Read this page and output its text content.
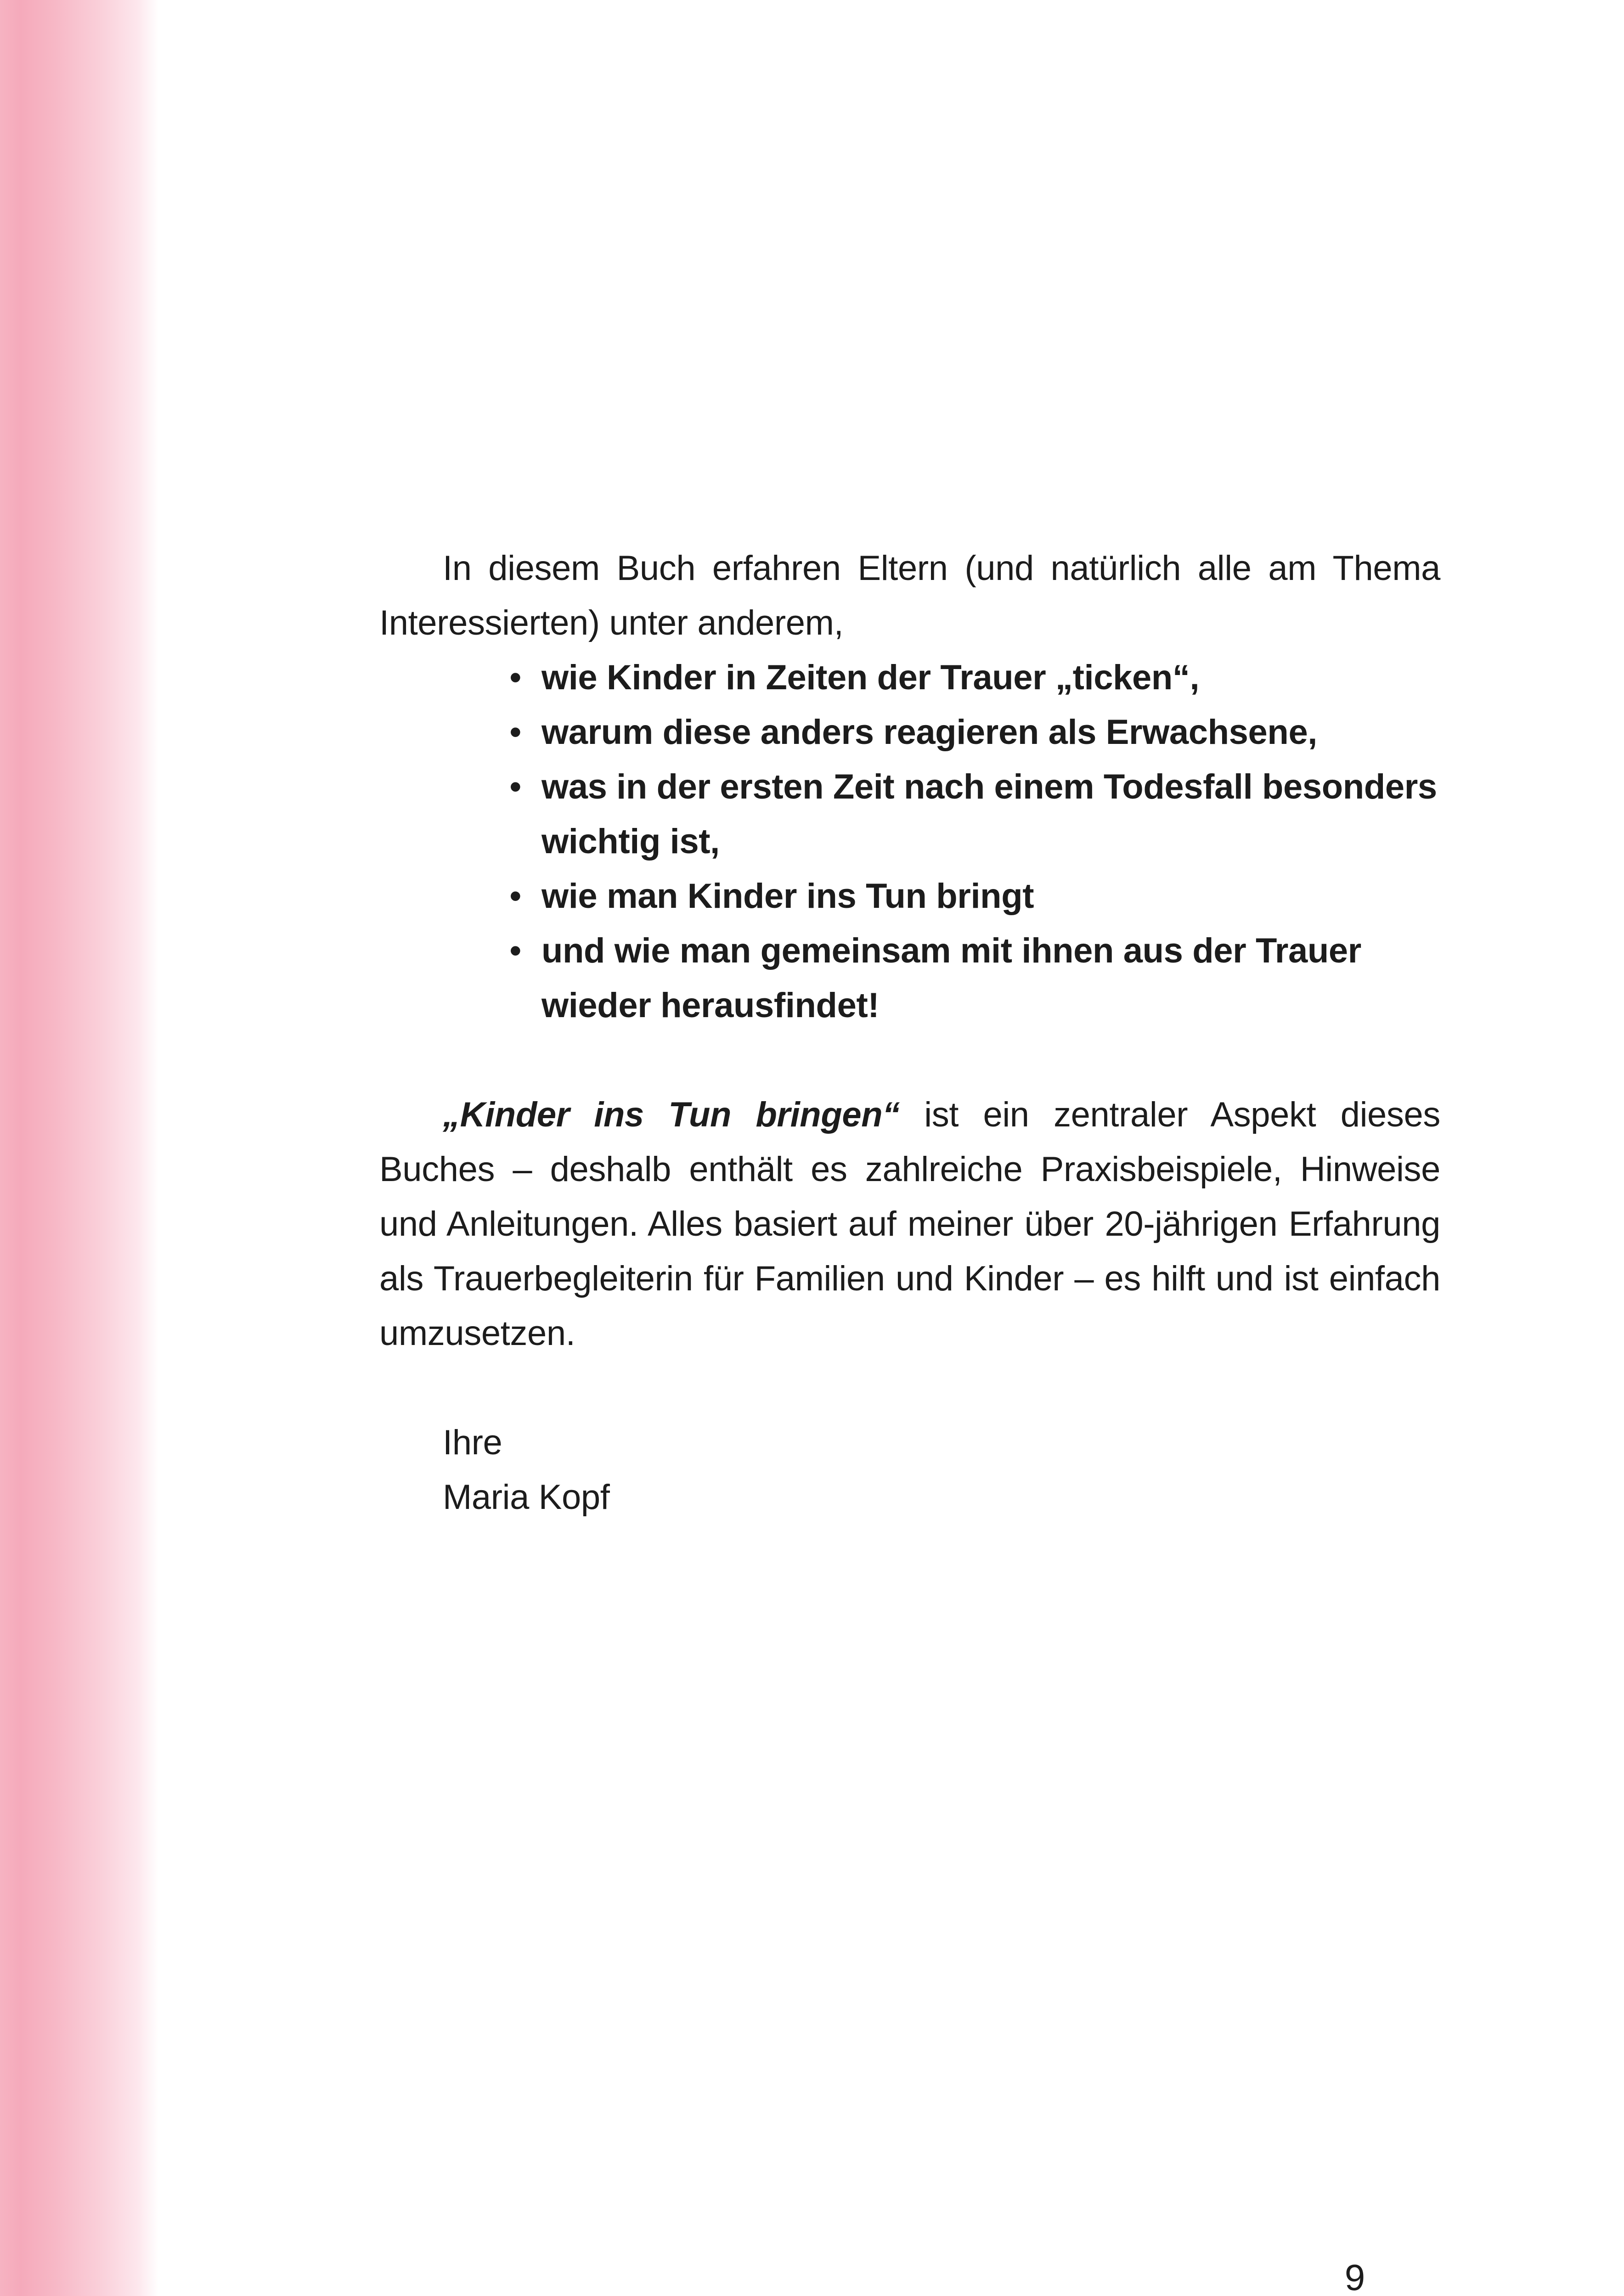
In diesem Buch erfahren Eltern (und natürlich alle am Thema Interessierten) unter anderem,

• wie Kinder in Zeiten der Trauer „ticken“,
• warum diese anders reagieren als Erwachsene,
• was in der ersten Zeit nach einem Todesfall besonders wichtig ist,
• wie man Kinder ins Tun bringt
• und wie man gemeinsam mit ihnen aus der Trauer wieder herausfindet!

„Kinder ins Tun bringen“ ist ein zentraler Aspekt dieses Buches – deshalb enthält es zahlreiche Praxisbeispiele, Hinweise und Anleitungen. Alles basiert auf meiner über 20-jährigen Erfahrung als Trauerbegleiterin für Familien und Kinder – es hilft und ist einfach umzusetzen.

Ihre
Maria Kopf
9
